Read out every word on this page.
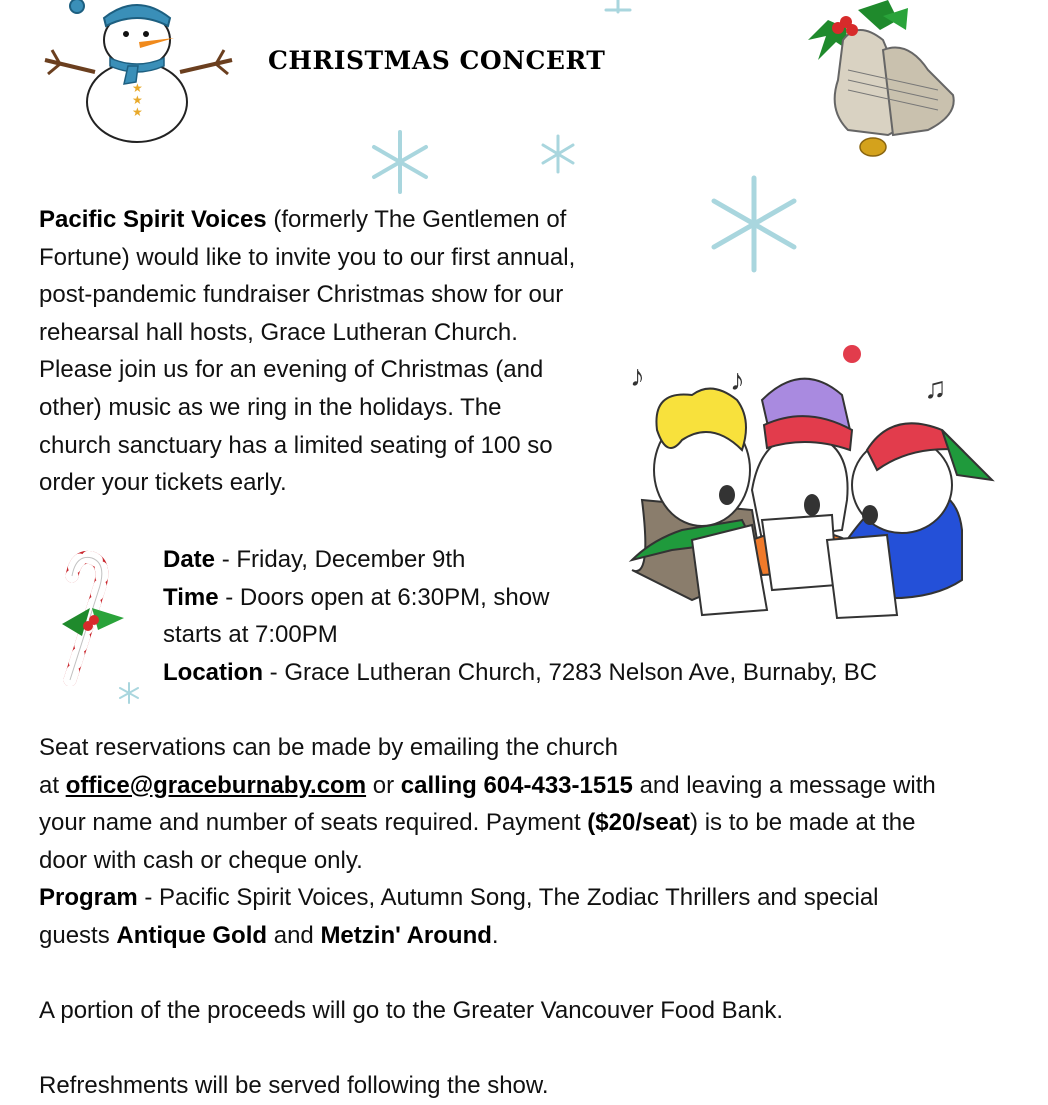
★
★
★
CHRISTMAS CONCERT
Pacific Spirit Voices (formerly The Gentlemen of
Fortune) would like to invite you to our first annual,
post-pandemic fundraiser Christmas show for our
rehearsal hall hosts, Grace Lutheran Church.
Please join us for an evening of Christmas (and
other) music as we ring in the holidays. The
church sanctuary has a limited seating of 100 so
order your tickets early.
♪	♪	♫
Date - Friday, December 9th
Time - Doors open at 6:30PM, show
starts at 7:00PM
Location - Grace Lutheran Church, 7283 Nelson Ave, Burnaby, BC
Seat reservations can be made by emailing the church
at office@graceburnaby.com or calling 604-433-1515 and leaving a message with
your name and number of seats required. Payment ($20/seat) is to be made at the
door with cash or cheque only.
Program - Pacific Spirit Voices, Autumn Song, The Zodiac Thrillers and special
guests Antique Gold and Metzin' Around.
A portion of the proceeds will go to the Greater Vancouver Food Bank.
Refreshments will be served following the show.
